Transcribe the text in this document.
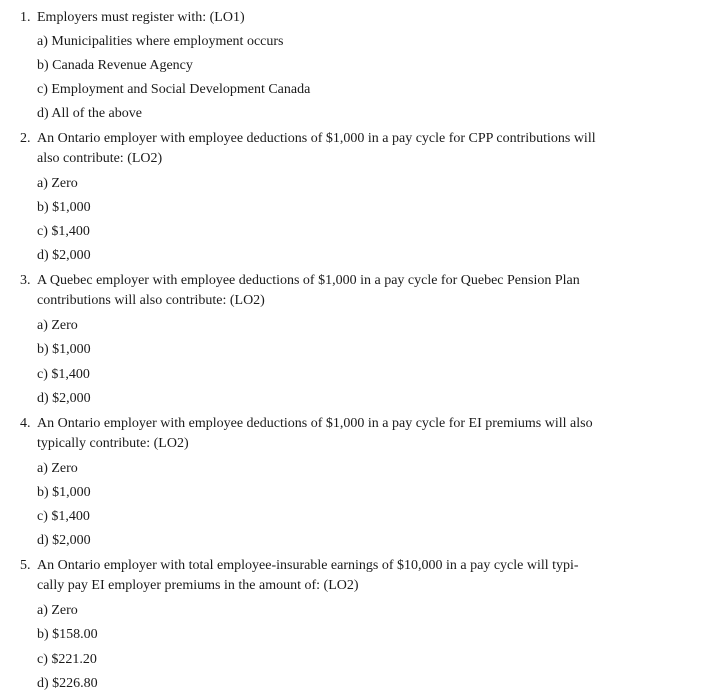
1. Employers must register with: (LO1)
a) Municipalities where employment occurs
b) Canada Revenue Agency
c) Employment and Social Development Canada
d) All of the above
2. An Ontario employer with employee deductions of $1,000 in a pay cycle for CPP contributions will
also contribute: (LO2)
a) Zero
b) $1,000
c) $1,400
d) $2,000
3. A Quebec employer with employee deductions of $1,000 in a pay cycle for Quebec Pension Plan
contributions will also contribute: (LO2)
a) Zero
b) $1,000
c) $1,400
d) $2,000
4. An Ontario employer with employee deductions of $1,000 in a pay cycle for EI premiums will also
typically contribute: (LO2)
a) Zero
b) $1,000
c) $1,400
d) $2,000
5. An Ontario employer with total employee-insurable earnings of $10,000 in a pay cycle will typi-
cally pay EI employer premiums in the amount of: (LO2)
a) Zero
b) $158.00
c) $221.20
d) $226.80
